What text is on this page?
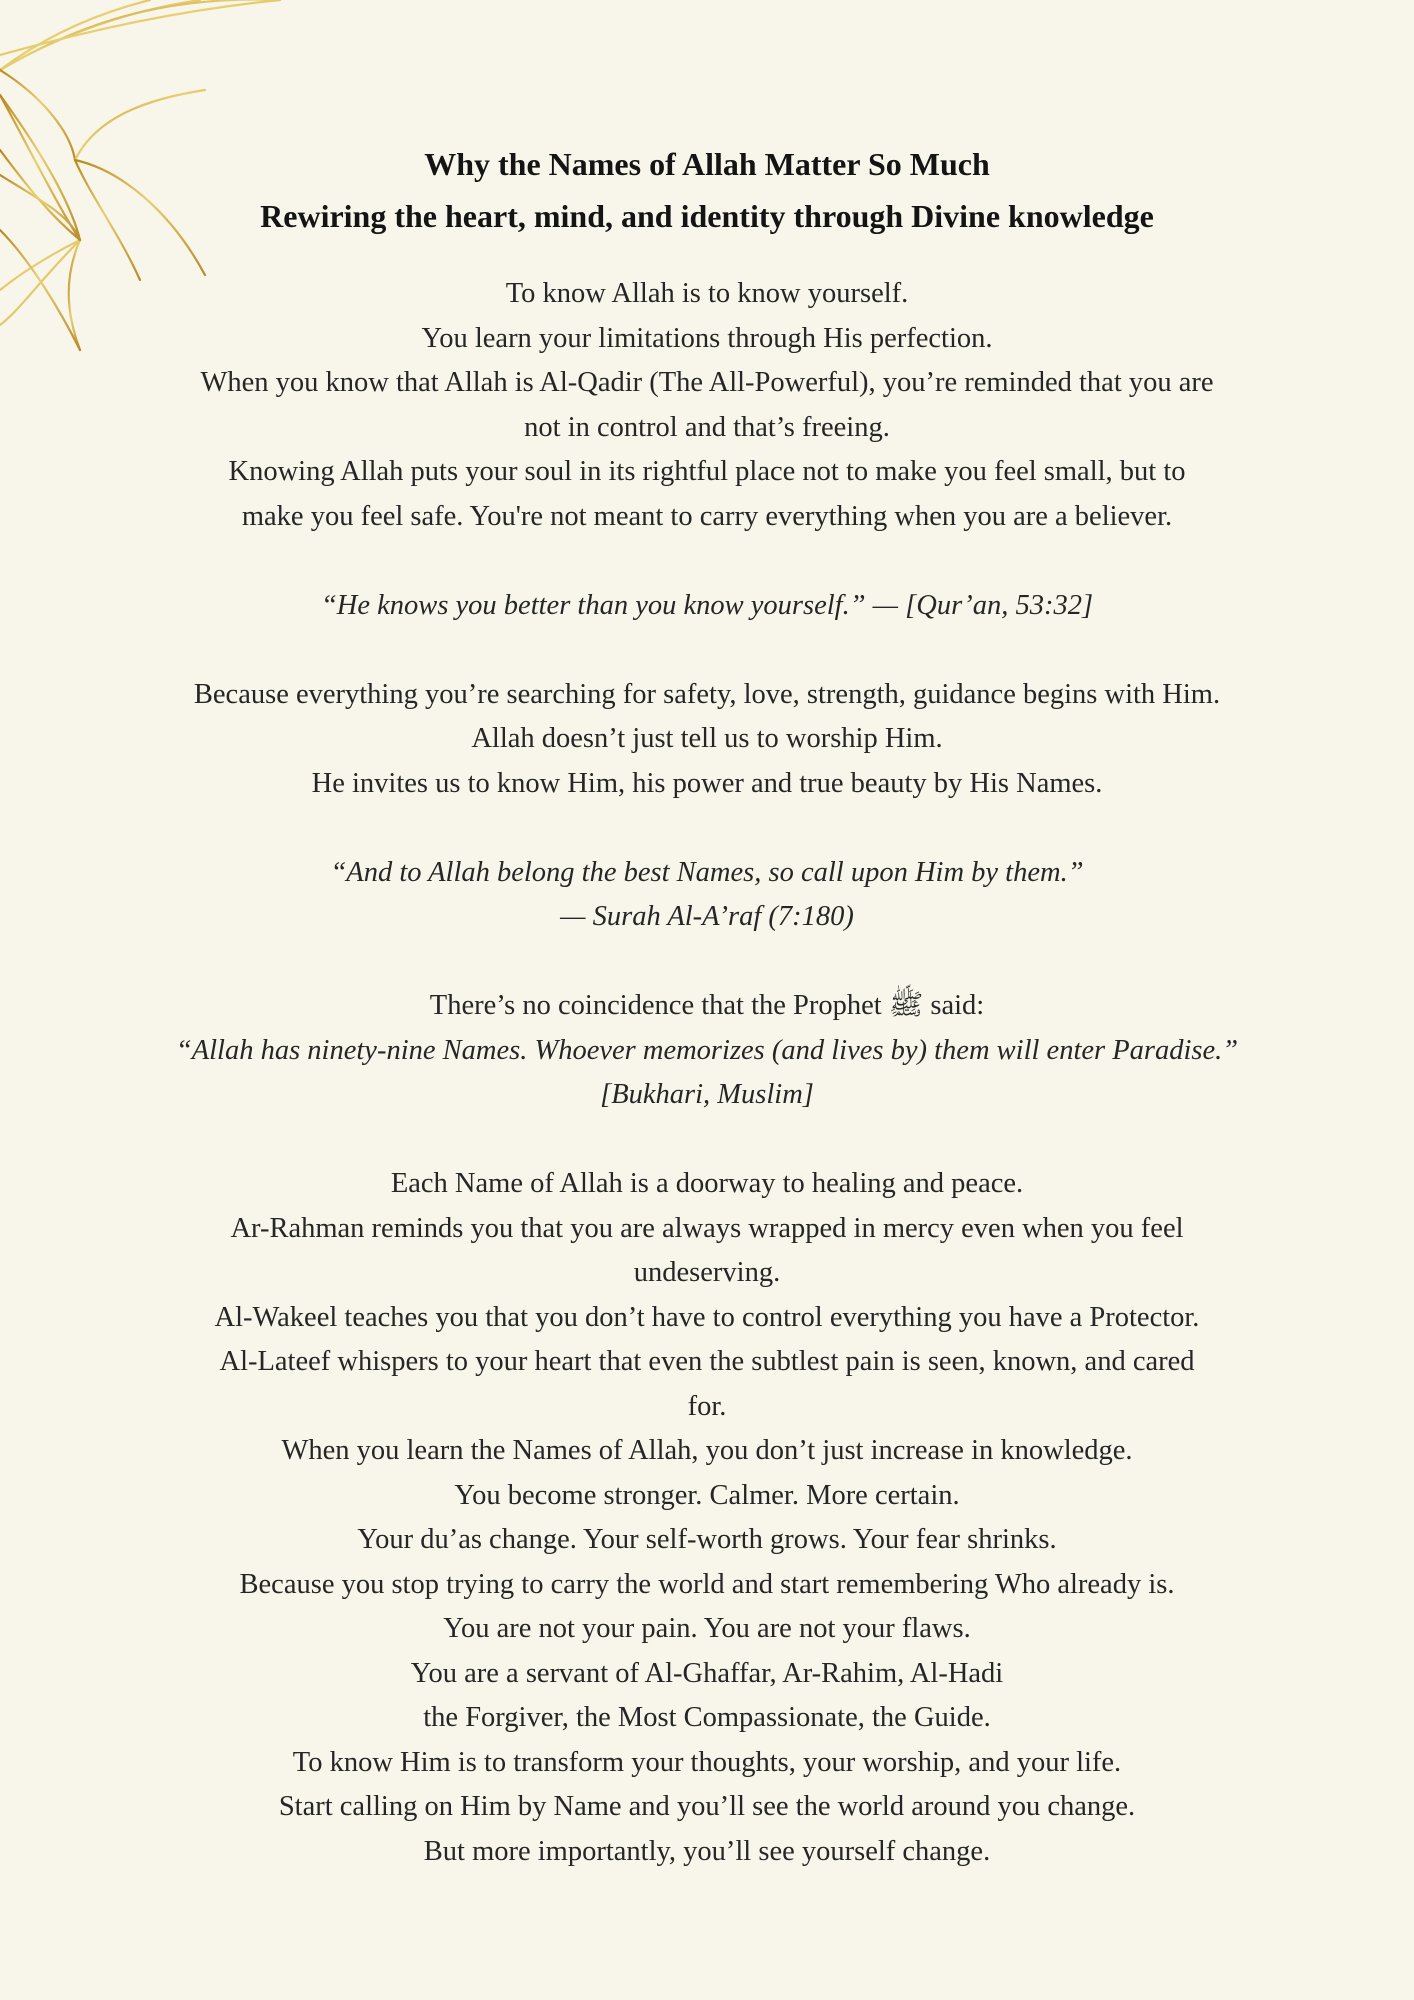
Why the Names of Allah Matter So Much
Rewiring the heart, mind, and identity through Divine knowledge
To know Allah is to know yourself.
You learn your limitations through His perfection.
When you know that Allah is Al-Qadir (The All-Powerful), you’re reminded that you are
not in control and that’s freeing.
Knowing Allah puts your soul in its rightful place not to make you feel small, but to
make you feel safe. You're not meant to carry everything when you are a believer.
“He knows you better than you know yourself.” — [Qur’an, 53:32]
Because everything you’re searching for safety, love, strength, guidance begins with Him.
Allah doesn’t just tell us to worship Him.
He invites us to know Him, his power and true beauty by His Names.
“And to Allah belong the best Names, so call upon Him by them.”
— Surah Al-A’raf (7:180)
There’s no coincidence that the Prophet ﷺ said:
“Allah has ninety-nine Names. Whoever memorizes (and lives by) them will enter Paradise.”
[Bukhari, Muslim]
Each Name of Allah is a doorway to healing and peace.
Ar-Rahman reminds you that you are always wrapped in mercy even when you feel
undeserving.
Al-Wakeel teaches you that you don’t have to control everything you have a Protector.
Al-Lateef whispers to your heart that even the subtlest pain is seen, known, and cared
for.
When you learn the Names of Allah, you don’t just increase in knowledge.
You become stronger. Calmer. More certain.
Your du’as change. Your self-worth grows. Your fear shrinks.
Because you stop trying to carry the world and start remembering Who already is.
You are not your pain. You are not your flaws.
You are a servant of Al-Ghaffar, Ar-Rahim, Al-Hadi
the Forgiver, the Most Compassionate, the Guide.
To know Him is to transform your thoughts, your worship, and your life.
Start calling on Him by Name and you’ll see the world around you change.
But more importantly, you’ll see yourself change.
